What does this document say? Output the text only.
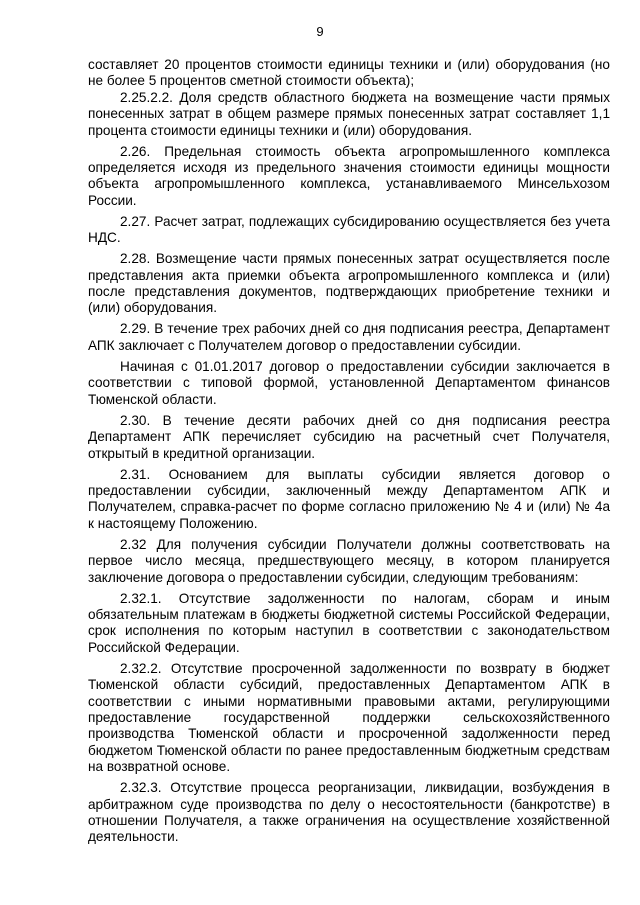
9

составляет 20 процентов стоимости единицы техники и (или) оборудования (но не более 5 процентов сметной стоимости объекта);

2.25.2.2. Доля средств областного бюджета на возмещение части прямых понесенных затрат в общем размере прямых понесенных затрат составляет 1,1 процента стоимости единицы техники и (или) оборудования.

2.26. Предельная стоимость объекта агропромышленного комплекса определяется исходя из предельного значения стоимости единицы мощности объекта агропромышленного комплекса, устанавливаемого Минсельхозом России.

2.27. Расчет затрат, подлежащих субсидированию осуществляется без учета НДС.

2.28. Возмещение части прямых понесенных затрат осуществляется после представления акта приемки объекта агропромышленного комплекса и (или) после представления документов, подтверждающих приобретение техники и (или) оборудования.

2.29. В течение трех рабочих дней со дня подписания реестра, Департамент АПК заключает с Получателем договор о предоставлении субсидии.

Начиная с 01.01.2017 договор о предоставлении субсидии заключается в соответствии с типовой формой, установленной Департаментом финансов Тюменской области.

2.30. В течение десяти рабочих дней со дня подписания реестра Департамент АПК перечисляет субсидию на расчетный счет Получателя, открытый в кредитной организации.

2.31. Основанием для выплаты субсидии является договор о предоставлении субсидии, заключенный между Департаментом АПК и Получателем, справка-расчет по форме согласно приложению № 4 и (или) № 4а к настоящему Положению.

2.32 Для получения субсидии Получатели должны соответствовать на первое число месяца, предшествующего месяцу, в котором планируется заключение договора о предоставлении субсидии, следующим требованиям:

2.32.1. Отсутствие задолженности по налогам, сборам и иным обязательным платежам в бюджеты бюджетной системы Российской Федерации, срок исполнения по которым наступил в соответствии с законодательством Российской Федерации.

2.32.2. Отсутствие просроченной задолженности по возврату в бюджет Тюменской области субсидий, предоставленных Департаментом АПК в соответствии с иными нормативными правовыми актами, регулирующими предоставление государственной поддержки сельскохозяйственного производства Тюменской области и просроченной задолженности перед бюджетом Тюменской области по ранее предоставленным бюджетным средствам на возвратной основе.

2.32.3. Отсутствие процесса реорганизации, ликвидации, возбуждения в арбитражном суде производства по делу о несостоятельности (банкротстве) в отношении Получателя, а также ограничения на осуществление хозяйственной деятельности.
